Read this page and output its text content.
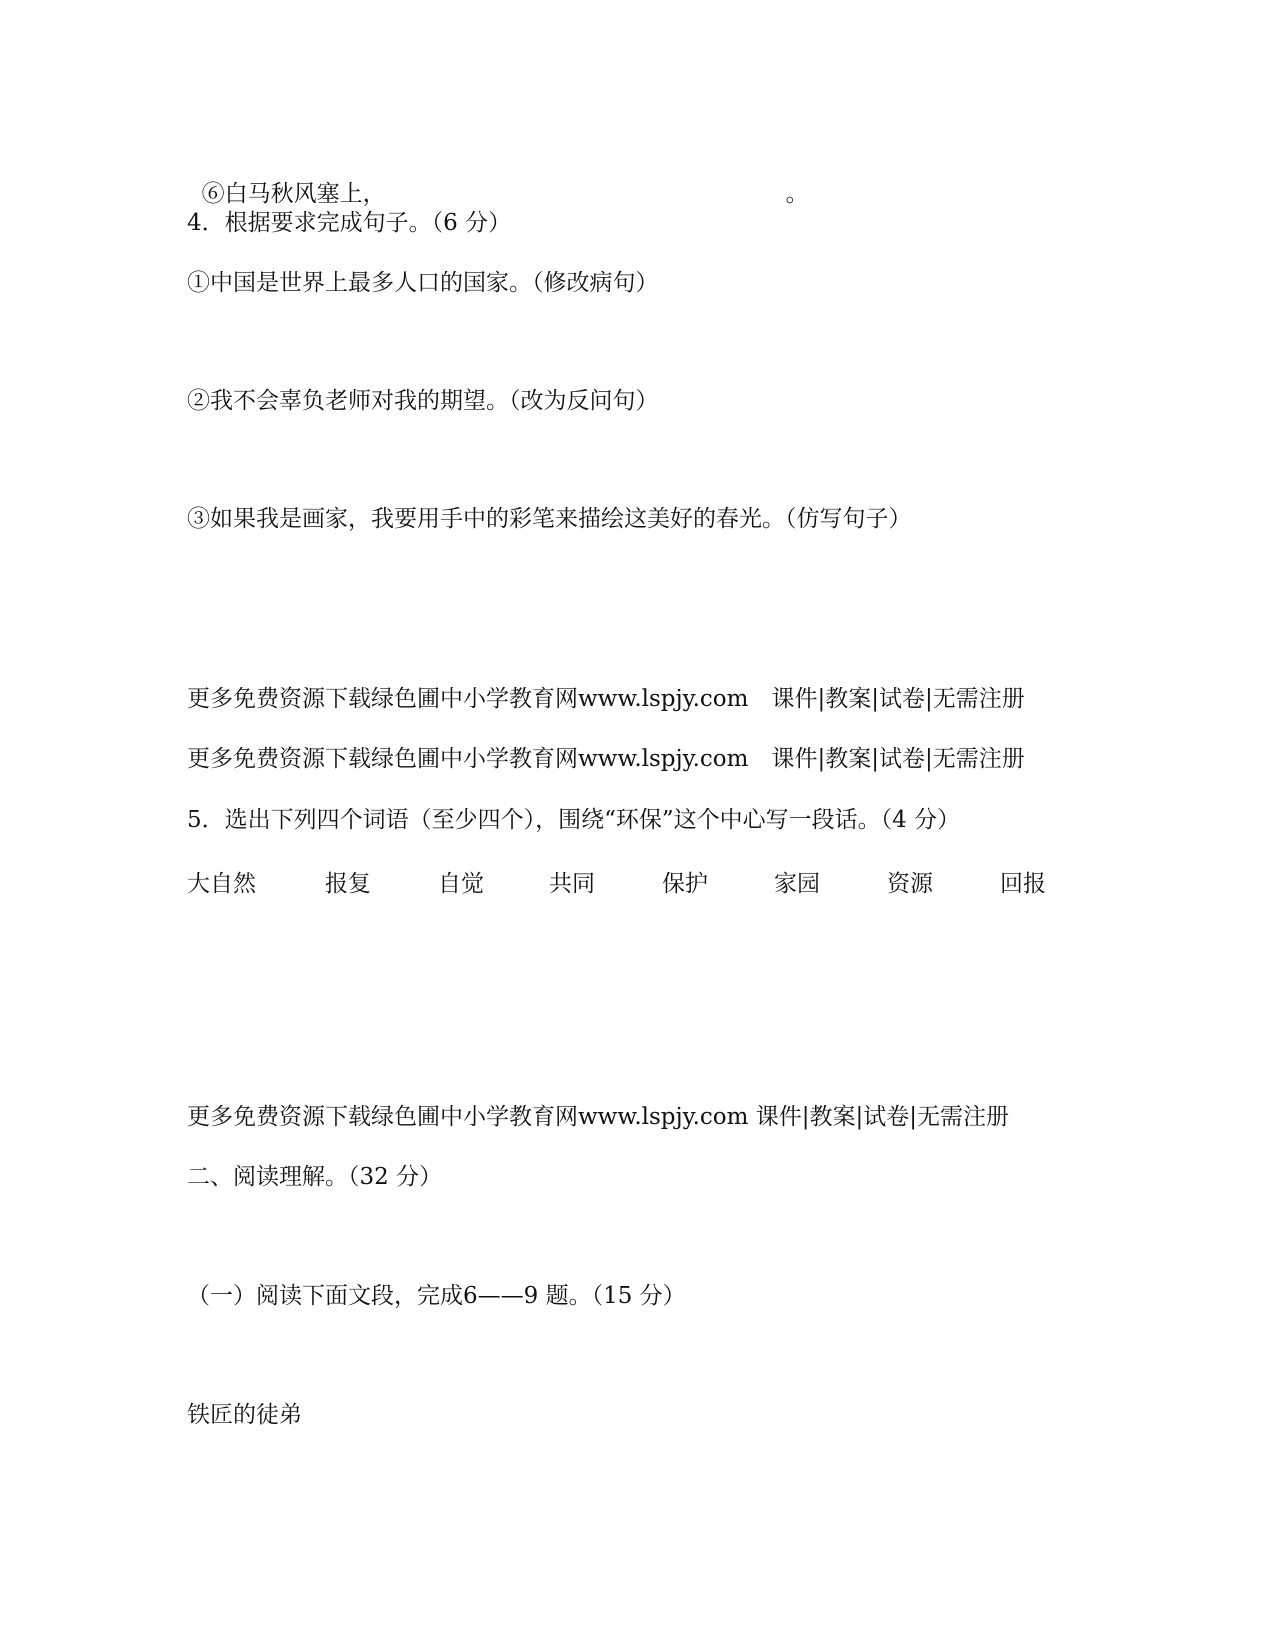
⑥白马秋风塞上，	。

4．根据要求完成句子。（6 分）
①中国是世界上最多人口的国家。（修改病句）
②我不会辜负老师对我的期望。（改为反问句）
③如果我是画家，我要用手中的彩笔来描绘这美好的春光。（仿写句子）
更多免费资源下载绿色圃中小学教育网www.lspjy.com　课件|教案|试卷|无需注册
更多免费资源下载绿色圃中小学教育网www.lspjy.com　课件|教案|试卷|无需注册
5．选出下列四个词语（至少四个），围绕“环保”这个中心写一段话。（4 分）
大自然	报复	自觉	共同	保护	家园	资源	回报
更多免费资源下载绿色圃中小学教育网www.lspjy.com 课件|教案|试卷|无需注册
二、阅读理解。（32 分）
（一）阅读下面文段，完成6——9 题。（15 分）
铁匠的徒弟
